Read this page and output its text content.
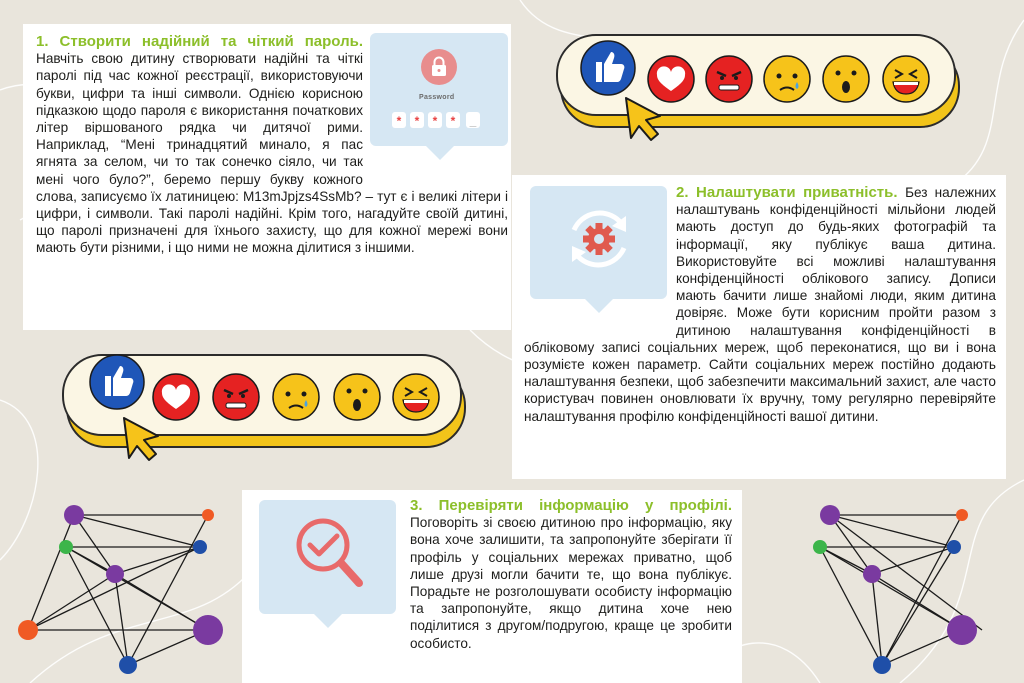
1. Створити надійний та чіткий пароль. Навчіть свою дитину створювати надійні та чіткі паролі під час кожної реєстрації, використовуючи букви, цифри та інші символи. Однією корисною підказкою щодо пароля є використання початкових літер віршованого рядка чи дитячої рими. Наприклад, “Мені тринадцятий минало, я пас ягнята за селом, чи то так сонечко сіяло, чи так мені чого було?”, беремо першу букву кожного слова, записуємо їх латиницею: M13mJpjzs4SsMb? – тут є і великі літери і цифри, і символи. Такі паролі надійні. Крім того, нагадуйте своїй дитині, що паролі призначені для їхнього захисту, що для кожної мережі вони мають бути різними, і що ними не можна ділитися з іншими.
Password
*	*	*	*	_
2. Налаштувати приватність. Без належних налаштувань конфіденційності мільйони людей мають доступ до будь-яких фотографій та інформації, яку публікує ваша дитина. Використовуйте всі можливі налаштування конфіденційності облікового запису. Дописи мають бачити лише знайомі люди, яким дитина довіряє. Може бути корисним пройти разом з дитиною налаштування конфіденційності в обліковому записі соціальних мереж, щоб переконатися, що ви і вона розумієте кожен параметр. Сайти соціальних мереж постійно додають налаштування безпеки, щоб забезпечити максимальний захист, але часто користувач повинен оновлювати їх вручну, тому регулярно перевіряйте налаштування профілю конфіденційності вашої дитини.
3. Перевіряти інформацію у профілі. Поговоріть зі своєю дитиною про інформацію, яку вона хоче залишити, та запропонуйте зберігати її профіль у соціальних мережах приватно, щоб лише друзі могли бачити те, що вона публікує. Порадьте не розголошувати особисту інформацію та запропонуйте, якщо дитина хоче нею поділитися з другом/подругою, краще це зробити особисто.
